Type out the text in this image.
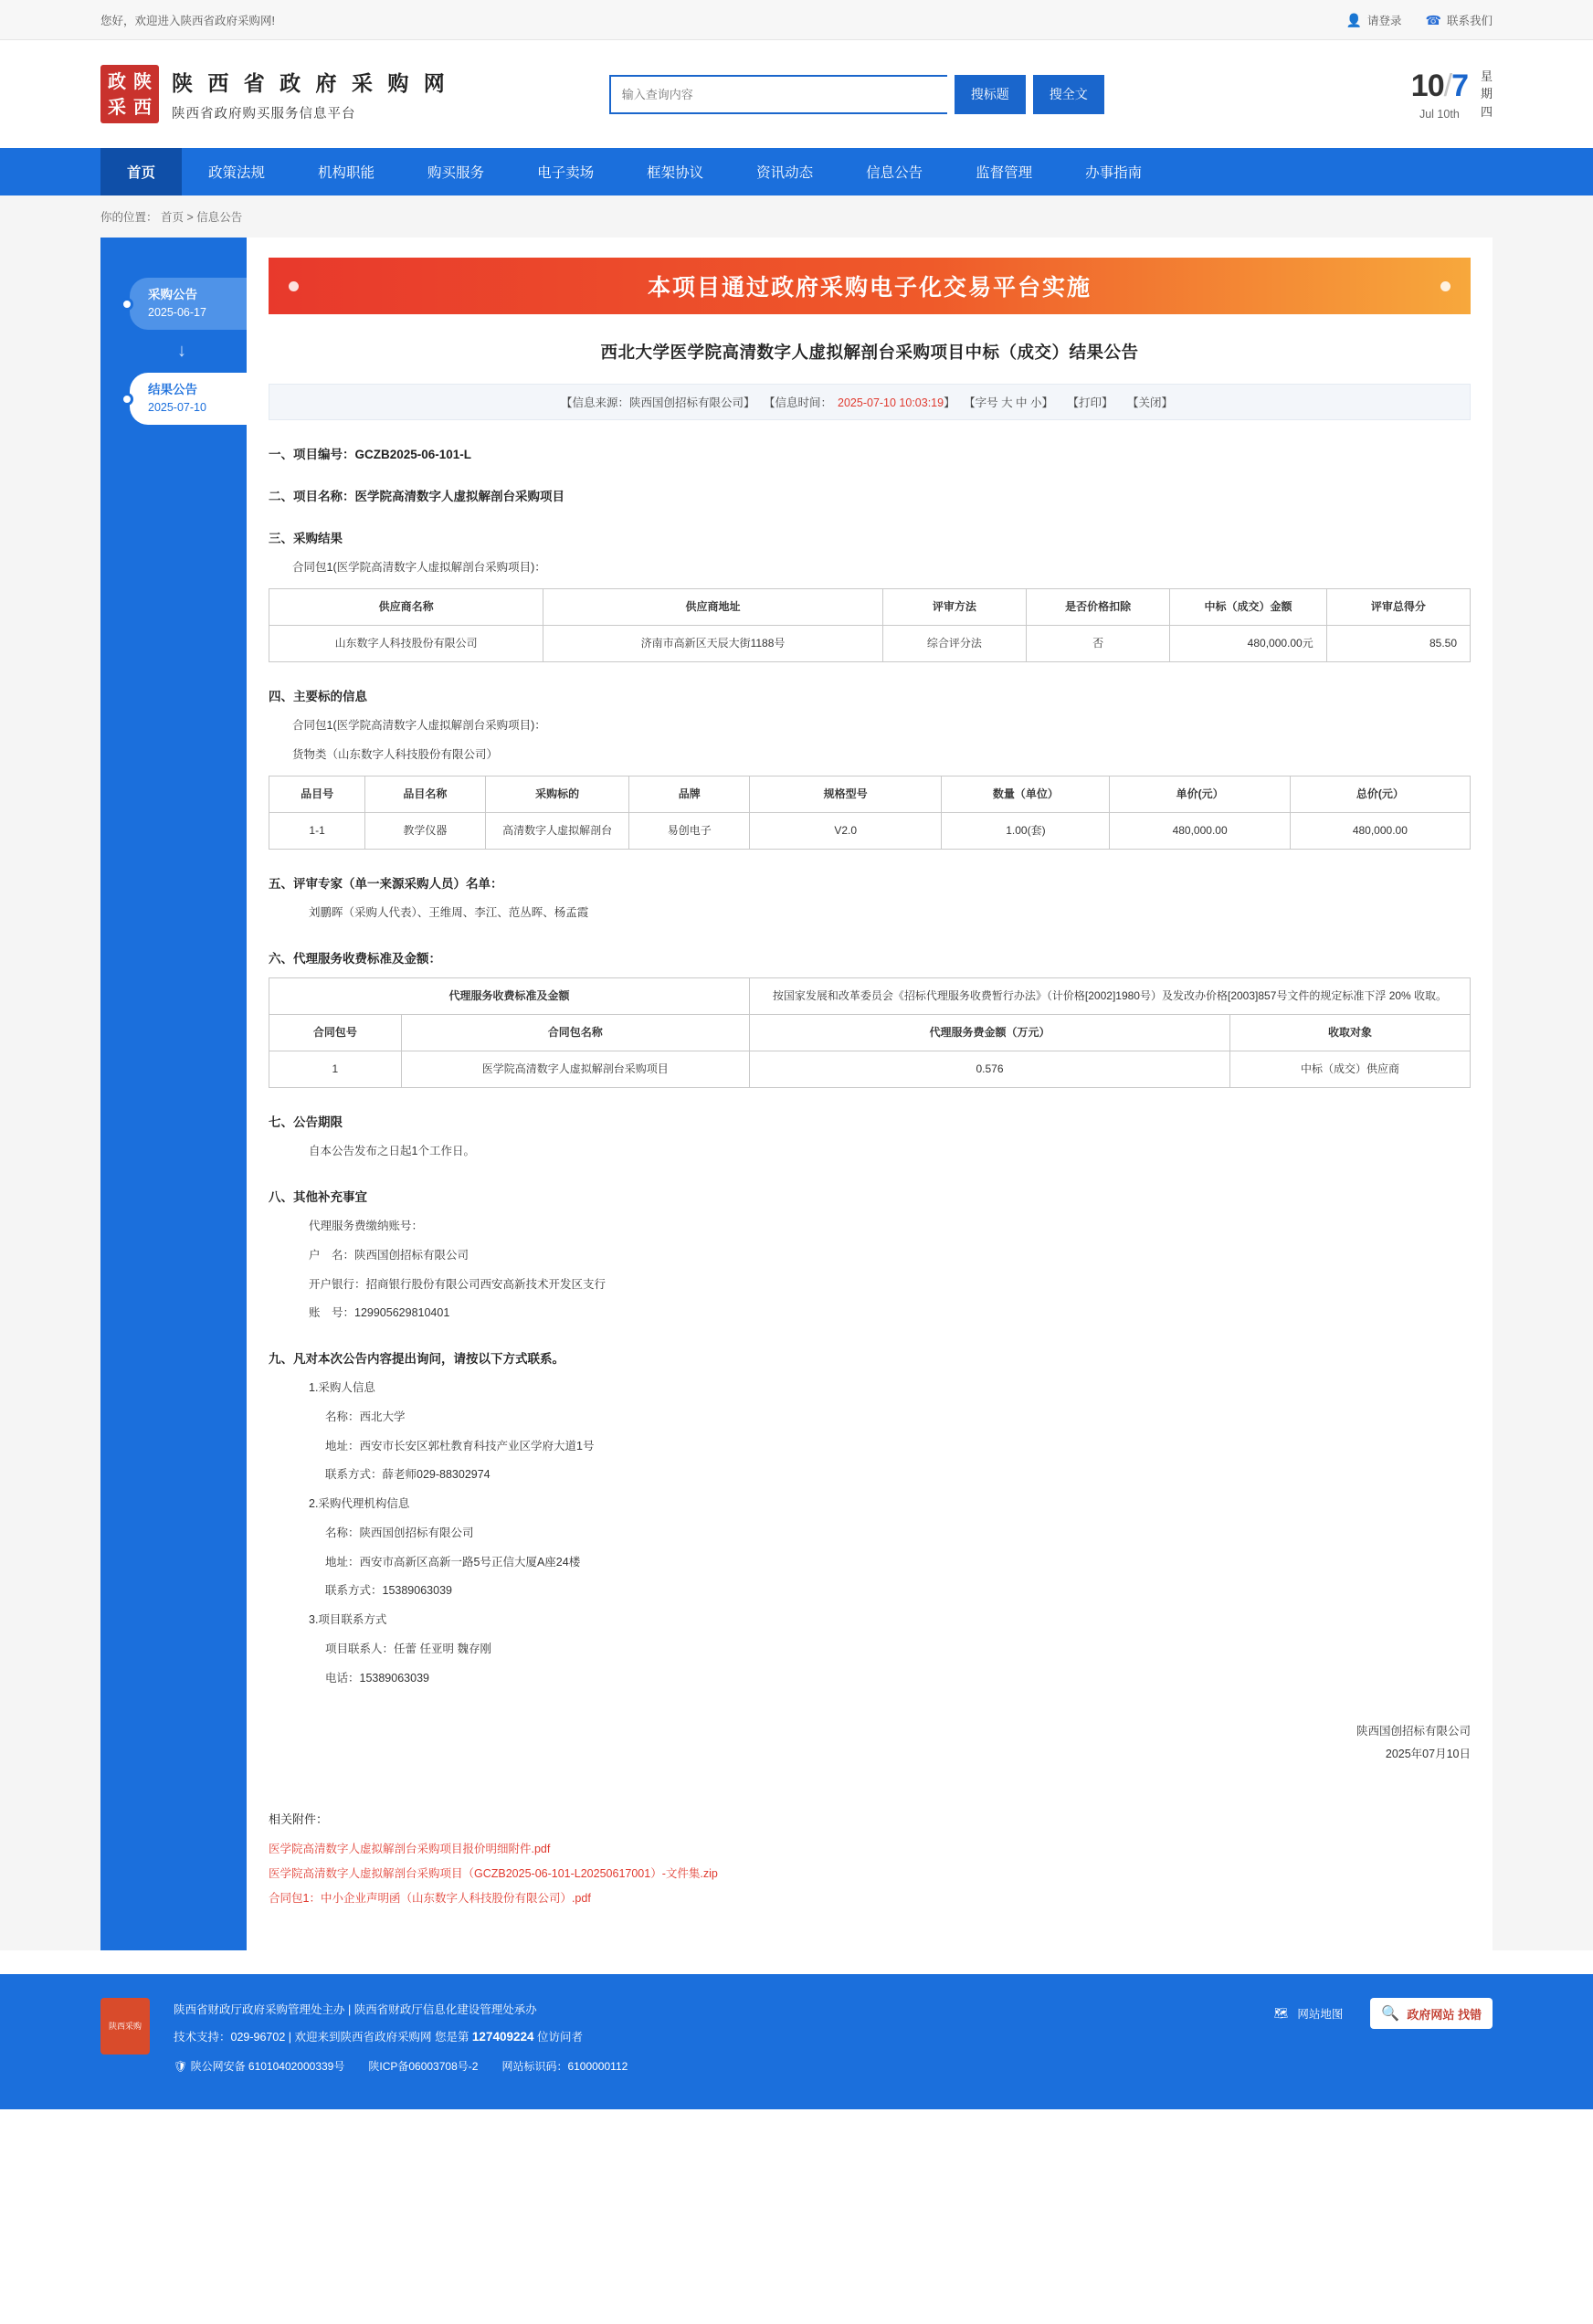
您好，欢迎进入陕西省政府采购网!	👤 请登录 ☎ 联系我们
政 陕
采 西
陕 西 省 政 府 采 购 网
陕西省政府购买服务信息平台
输入查询内容
搜标题	搜全文	10/7
Jul 10th
星
期
四
首页	政策法规	机构职能	购买服务	电子卖场	框架协议	资讯动态	信息公告	监督管理	办事指南
你的位置： 首页 > 信息公告
采购公告
2025-06-17
↓
结果公告
2025-07-10
本项目通过政府采购电子化交易平台实施
西北大学医学院高清数字人虚拟解剖台采购项目中标（成交）结果公告
【信息来源：陕西国创招标有限公司】 【信息时间： 2025-07-10 10:03:19】 【字号 大 中 小】 【打印】 【关闭】
一、项目编号：GCZB2025-06-101-L
二、项目名称：医学院高清数字人虚拟解剖台采购项目
三、采购结果
合同包1(医学院高清数字人虚拟解剖台采购项目)：
供应商名称	供应商地址	评审方法	是否价格扣除	中标（成交）金额	评审总得分
山东数字人科技股份有限公司	济南市高新区天辰大街1188号	综合评分法	否	480,000.00元	85.50
四、主要标的信息
合同包1(医学院高清数字人虚拟解剖台采购项目)：
货物类（山东数字人科技股份有限公司）
品目号	品目名称	采购标的	品牌	规格型号	数量（单位）	单价(元）	总价(元）
1-1	教学仪器	高清数字人虚拟解剖台	易创电子	V2.0	1.00(套)	480,000.00	480,000.00
五、评审专家（单一来源采购人员）名单：
刘鹏晖（采购人代表）、王维周、李江、范丛晖、杨孟霞
六、代理服务收费标准及金额：
代理服务收费标准及金额		按国家发展和改革委员会《招标代理服务收费暂行办法》（计价格[2002]1980号）及发改办价格[2003]857号文件的规定标准下浮 20% 收取。	
合同包号	合同包名称	代理服务费金额（万元）	收取对象
1	医学院高清数字人虚拟解剖台采购项目	0.576	中标（成交）供应商
七、公告期限
自本公告发布之日起1个工作日。
八、其他补充事宜
代理服务费缴纳账号：
户　名：陕西国创招标有限公司
开户银行：招商银行股份有限公司西安高新技术开发区支行
账　号：129905629810401
九、凡对本次公告内容提出询问，请按以下方式联系。
1.采购人信息
名称：西北大学
地址：西安市长安区郭杜教育科技产业区学府大道1号
联系方式：薛老师029-88302974
2.采购代理机构信息
名称：陕西国创招标有限公司
地址：西安市高新区高新一路5号正信大厦A座24楼
联系方式：15389063039
3.项目联系方式
项目联系人：任蕾 任亚明 魏存刚
电话：15389063039
陕西国创招标有限公司
2025年07月10日
相关附件：
医学院高清数字人虚拟解剖台采购项目报价明细附件.pdf
医学院高清数字人虚拟解剖台采购项目（GCZB2025-06-101-L20250617001）-文件集.zip
合同包1：中小企业声明函（山东数字人科技股份有限公司）.pdf
陕西采购
陕西省财政厅政府采购管理处主办 | 陕西省财政厅信息化建设管理处承办
技术支持：029-96702 | 欢迎来到陕西省政府采购网 您是第 127409224 位访问者
🛡 陕公网安备 61010402000339号 陕ICP备06003708号-2 网站标识码：6100000112
🗺 网站地图	🔍 政府网站 找错
